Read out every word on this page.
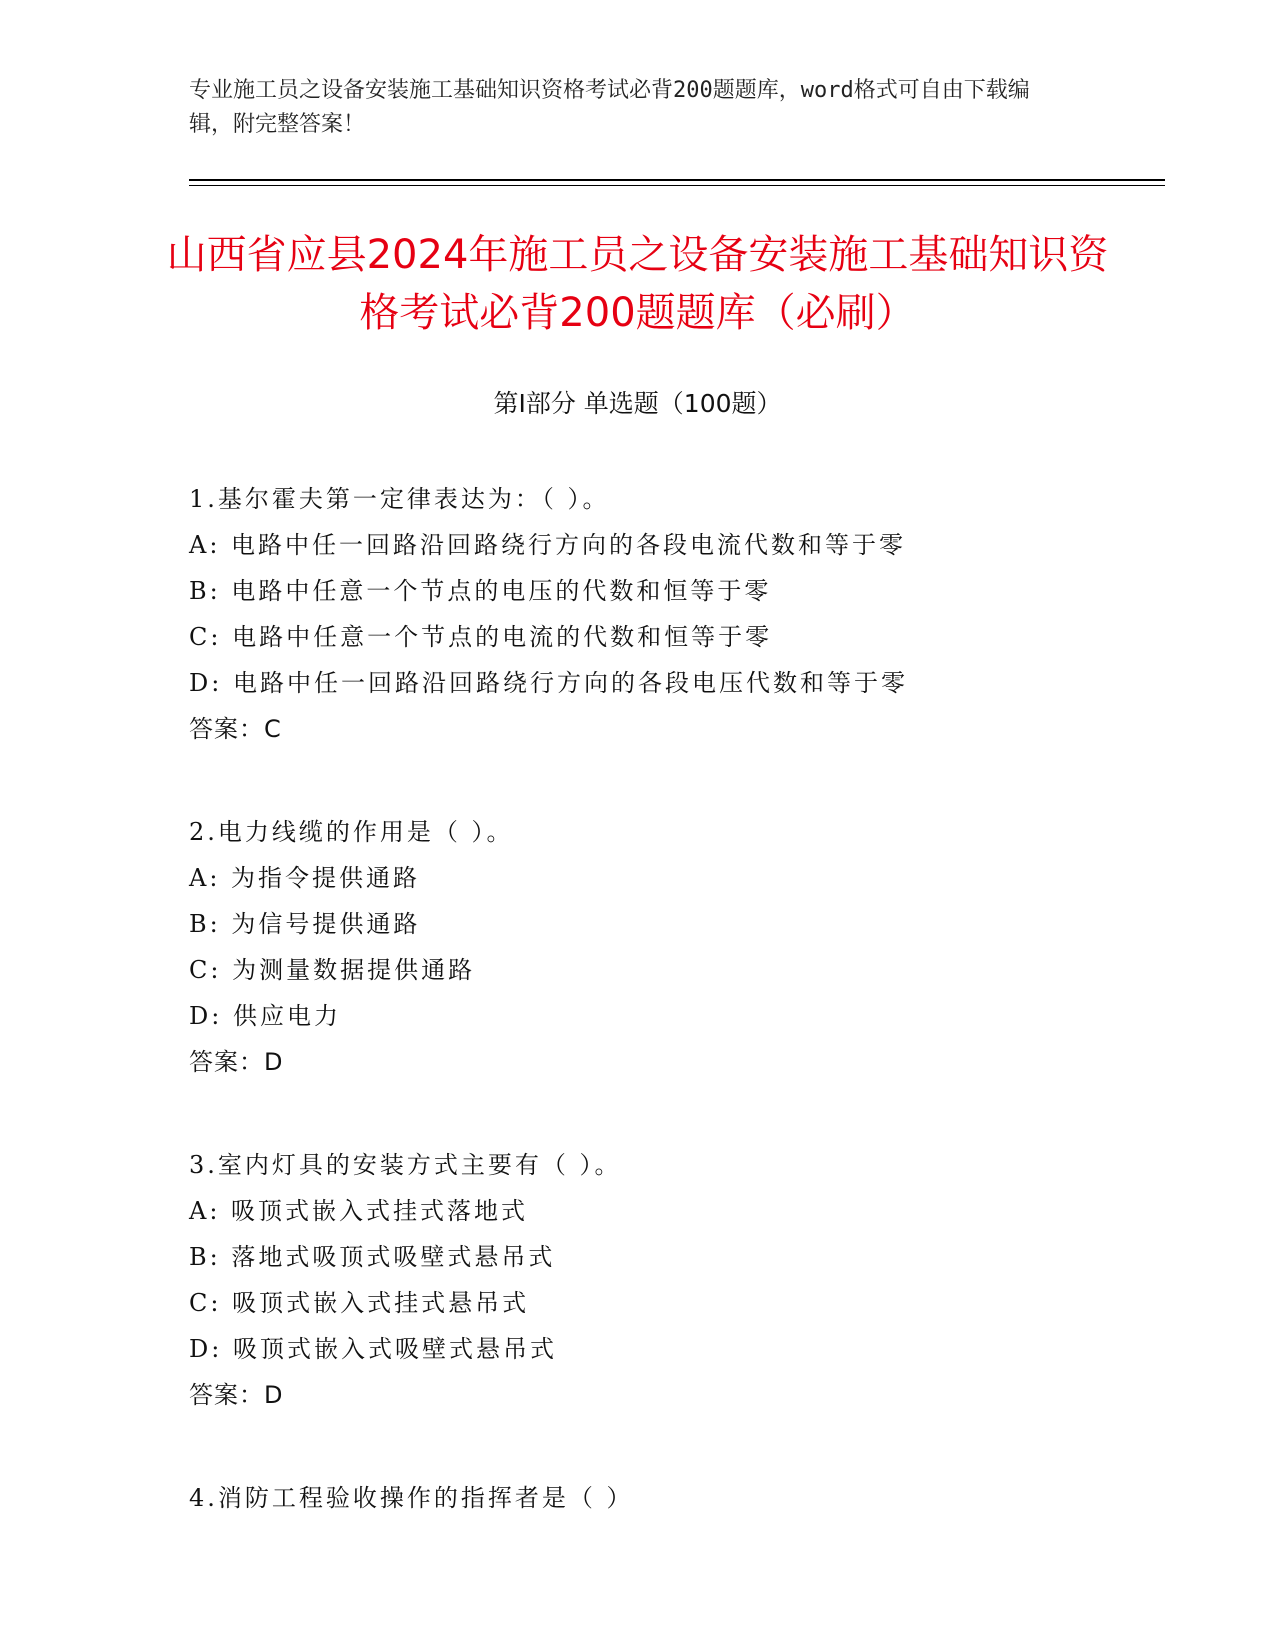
专业施工员之设备安装施工基础知识资格考试必背200题题库，word格式可自由下载编辑，附完整答案！
山西省应县2024年施工员之设备安装施工基础知识资格考试必背200题题库（必刷）
第Ⅰ部分 单选题（100题）
1.基尔霍夫第一定律表达为：（ ）。
A: 电路中任一回路沿回路绕行方向的各段电流代数和等于零
B: 电路中任意一个节点的电压的代数和恒等于零
C: 电路中任意一个节点的电流的代数和恒等于零
D: 电路中任一回路沿回路绕行方向的各段电压代数和等于零
答案：C
2.电力线缆的作用是（ ）。
A: 为指令提供通路
B: 为信号提供通路
C: 为测量数据提供通路
D: 供应电力
答案：D
3.室内灯具的安装方式主要有（ ）。
A: 吸顶式嵌入式挂式落地式
B: 落地式吸顶式吸壁式悬吊式
C: 吸顶式嵌入式挂式悬吊式
D: 吸顶式嵌入式吸壁式悬吊式
答案：D
4.消防工程验收操作的指挥者是（ ）
